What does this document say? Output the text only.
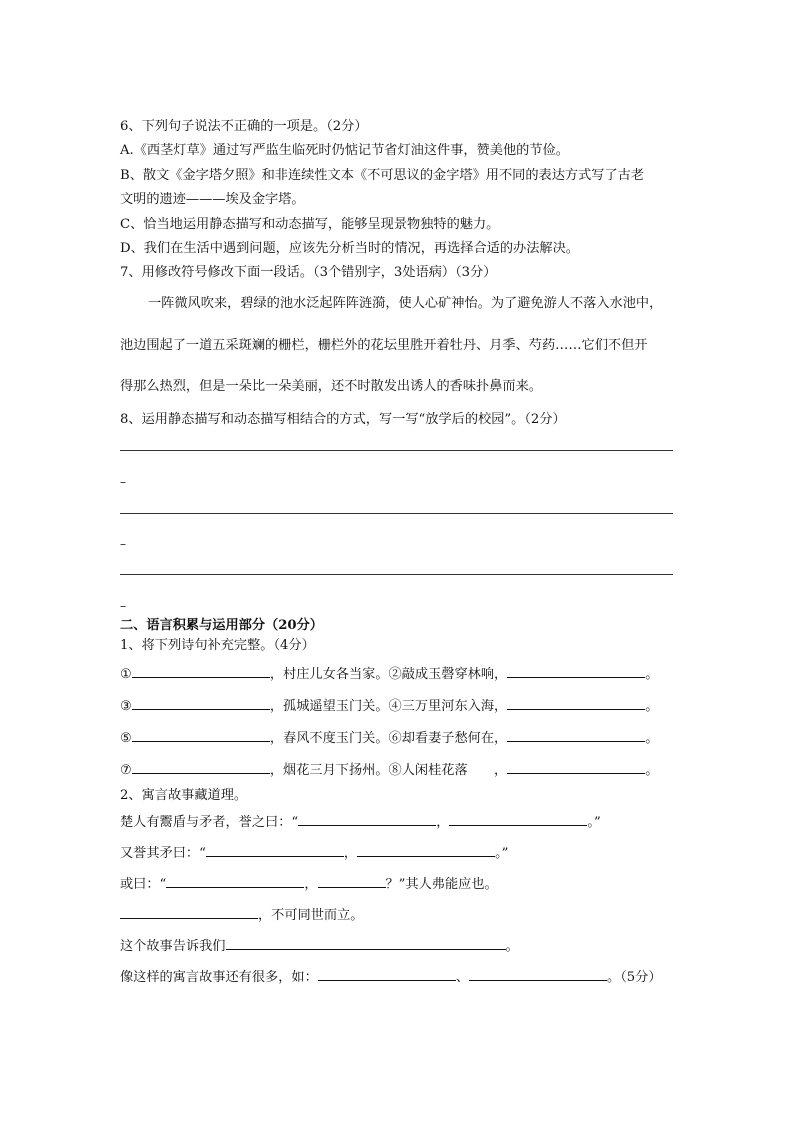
6、下列句子说法不正确的一项是。（2分）
A.《西茎灯草》通过写严监生临死时仍惦记节省灯油这件事，赞美他的节俭。
B、散文《金字塔夕照》和非连续性文本《不可思议的金字塔》用不同的表达方式写了古老
文明的遗迹———埃及金字塔。
C、恰当地运用静态描写和动态描写，能够呈现景物独特的魅力。
D、我们在生活中遇到问题，应该先分析当时的情况，再选择合适的办法解决。
7、用修改符号修改下面一段话。（3个错别字，3处语病）（3分）
一阵微风吹来，碧绿的池水泛起阵阵涟漪，使人心矿神怡。为了避免游人不落入水池中，
池边围起了一道五采斑斓的栅栏，栅栏外的花坛里胜开着牡丹、月季、芍药……它们不但开
得那么热烈，但是一朵比一朵美丽，还不时散发出诱人的香味扑鼻而来。
8、运用静态描写和动态描写相结合的方式，写一写“放学后的校园”。（2分）
–
–
–
二、语言积累与运用部分（20分）
1、将下列诗句补充完整。（4分）
①	，村庄儿女各当家。②敲成玉磬穿林响，	。
③	，孤城遥望玉门关。④三万里河东入海，	。
⑤	，春风不度玉门关。⑥却看妻子愁何在，	。
⑦	，烟花三月下扬州。⑧人闲桂花落　　，	。
2、寓言故事藏道理。
楚人有鬻盾与矛者，誉之曰：“	，	。”
又誉其矛曰：“	，	。”
或曰：“	，	？”其人弗能应也。
，不可同世而立。
这个故事告诉我们	。
像这样的寓言故事还有很多，如：	、	。（5分）
